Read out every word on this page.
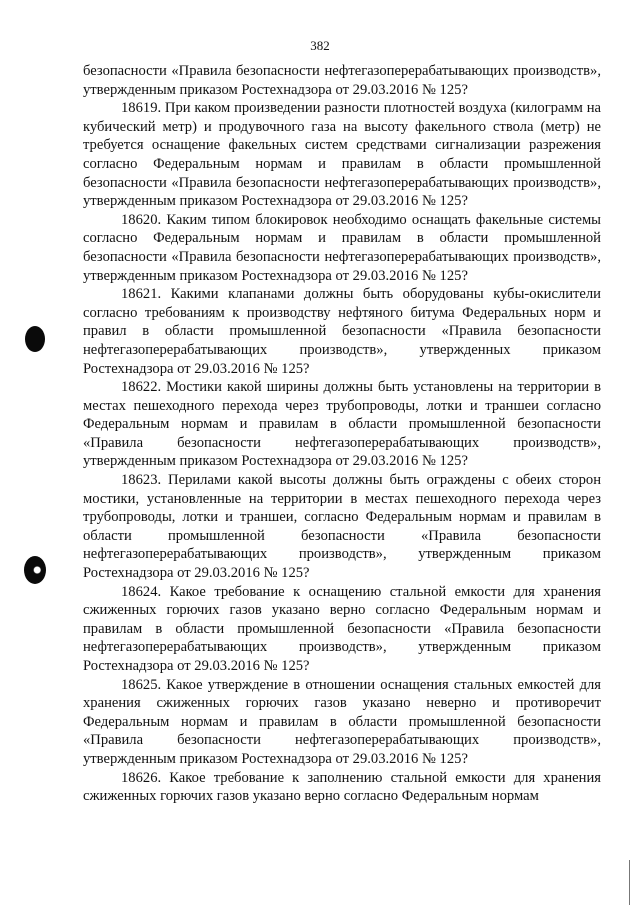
382

безопасности «Правила безопасности нефтегазоперерабатывающих производств», утвержденным приказом Ростехнадзора от 29.03.2016 № 125?

18619. При каком произведении разности плотностей воздуха (килограмм на кубический метр) и продувочного газа на высоту факельного ствола (метр) не требуется оснащение факельных систем средствами сигнализации разрежения согласно Федеральным нормам и правилам в области промышленной безопасности «Правила безопасности нефтегазоперерабатывающих производств», утвержденным приказом Ростехнадзора от 29.03.2016 № 125?

18620. Каким типом блокировок необходимо оснащать факельные системы согласно Федеральным нормам и правилам в области промышленной безопасности «Правила безопасности нефтегазоперерабатывающих производств», утвержденным приказом Ростехнадзора от 29.03.2016 № 125?

18621. Какими клапанами должны быть оборудованы кубы-окислители согласно требованиям к производству нефтяного битума Федеральных норм и правил в области промышленной безопасности «Правила безопасности нефтегазоперерабатывающих производств», утвержденных приказом Ростехнадзора от 29.03.2016 № 125?

18622. Мостики какой ширины должны быть установлены на территории в местах пешеходного перехода через трубопроводы, лотки и траншеи согласно Федеральным нормам и правилам в области промышленной безопасности «Правила безопасности нефтегазоперерабатывающих производств», утвержденным приказом Ростехнадзора от 29.03.2016 № 125?

18623. Перилами какой высоты должны быть ограждены с обеих сторон мостики, установленные на территории в местах пешеходного перехода через трубопроводы, лотки и траншеи, согласно Федеральным нормам и правилам в области промышленной безопасности «Правила безопасности нефтегазоперерабатывающих производств», утвержденным приказом Ростехнадзора от 29.03.2016 № 125?

18624. Какое требование к оснащению стальной емкости для хранения сжиженных горючих газов указано верно согласно Федеральным нормам и правилам в области промышленной безопасности «Правила безопасности нефтегазоперерабатывающих производств», утвержденным приказом Ростехнадзора от 29.03.2016 № 125?

18625. Какое утверждение в отношении оснащения стальных емкостей для хранения сжиженных горючих газов указано неверно и противоречит Федеральным нормам и правилам в области промышленной безопасности «Правила безопасности нефтегазоперерабатывающих производств», утвержденным приказом Ростехнадзора от 29.03.2016 № 125?

18626. Какое требование к заполнению стальной емкости для хранения сжиженных горючих газов указано верно согласно Федеральным нормам
